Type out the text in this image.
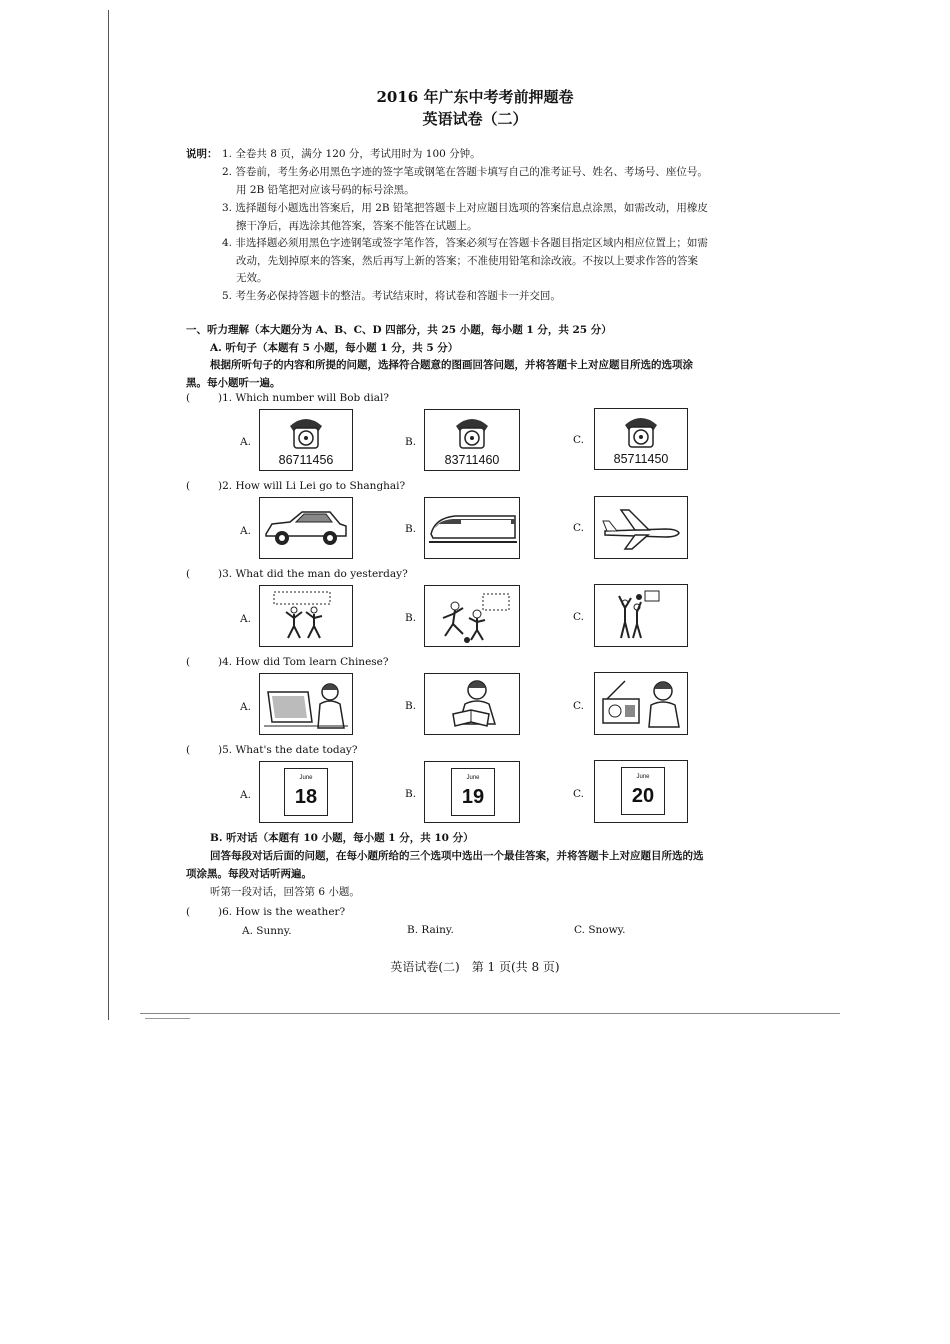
2016 年广东中考考前押题卷
英语试卷（二）
说明： 1. 全卷共 8 页，满分 120 分，考试用时为 100 分钟。
2. 答卷前，考生务必用黑色字迹的签字笔或钢笔在答题卡填写自己的准考证号、姓名、考场号、座位号。
用 2B 铅笔把对应该号码的标号涂黑。
3. 选择题每小题选出答案后，用 2B 铅笔把答题卡上对应题目选项的答案信息点涂黑，如需改动，用橡皮
擦干净后，再选涂其他答案，答案不能答在试题上。
4. 非选择题必须用黑色字迹钢笔或签字笔作答，答案必须写在答题卡各题目指定区域内相应位置上；如需
改动，先划掉原来的答案，然后再写上新的答案；不准使用铅笔和涂改液。不按以上要求作答的答案
无效。
5. 考生务必保持答题卡的整洁。考试结束时，将试卷和答题卡一并交回。
一、听力理解（本大题分为 A、B、C、D 四部分，共 25 小题，每小题 1 分，共 25 分）
A. 听句子（本题有 5 小题，每小题 1 分，共 5 分）
根据所听句子的内容和所提的问题，选择符合题意的图画回答问题，并将答题卡上对应题目所选的选项涂
黑。每小题听一遍。
(	)1. Which number will Bob dial?
A.
86711456
B.
83711460
C.
85711450
(	)2. How will Li Lei go to Shanghai?
A.	B.	C.
(	)3. What did the man do yesterday?
A.	B.	C.
(	)4. How did Tom learn Chinese?
A.	B.	C.
(	)5. What's the date today?
A.
June
18	B.
June
19	C.
June
20
B. 听对话（本题有 10 小题，每小题 1 分，共 10 分）
回答每段对话后面的问题，在每小题所给的三个选项中选出一个最佳答案，并将答题卡上对应题目所选的选
项涂黑。每段对话听两遍。
听第一段对话，回答第 6 小题。
(	)6. How is the weather?
A. Sunny.	B. Rainy.	C. Snowy.
英语试卷(二)　第 1 页(共 8 页)
